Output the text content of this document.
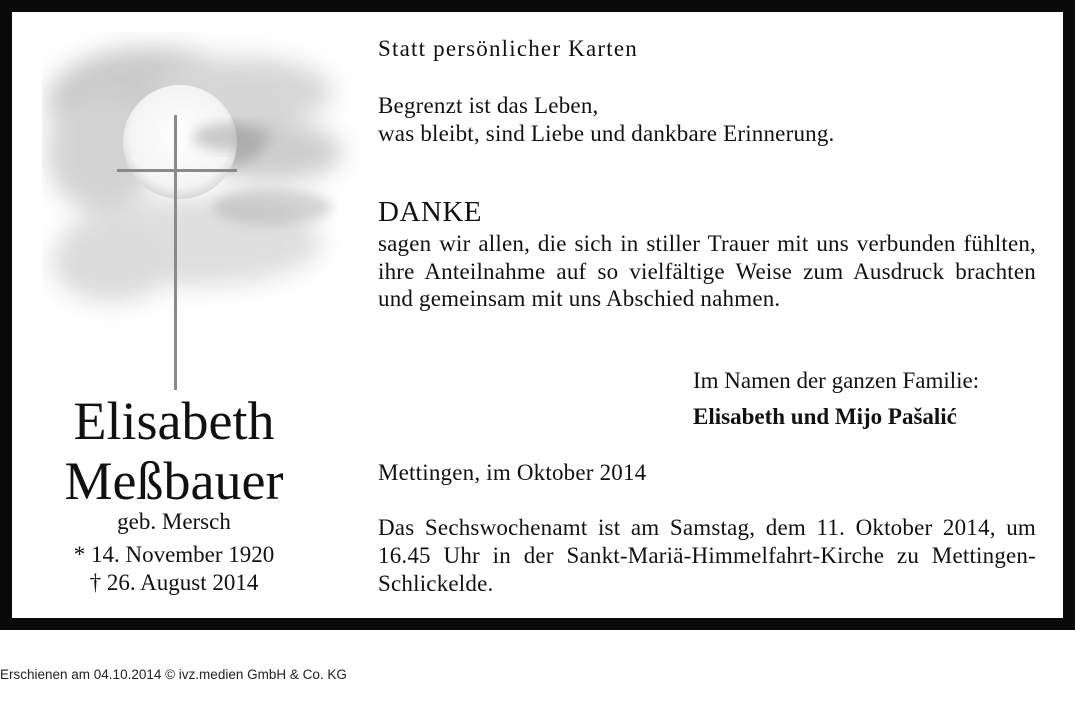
Elisabeth
Meßbauer
geb. Mersch
* 14. November 1920
† 26. August 2014
Statt persönlicher Karten
Begrenzt ist das Leben,
was bleibt, sind Liebe und dankbare Erinnerung.
DANKE
sagen wir allen, die sich in stiller Trauer mit uns verbunden fühlten, ihre Anteilnahme auf so vielfältige Weise zum Ausdruck brachten und gemeinsam mit uns Abschied nahmen.
Im Namen der ganzen Familie:
Elisabeth und Mijo Pašalić
Mettingen, im Oktober 2014
Das Sechswochenamt ist am Samstag, dem 11. Oktober 2014, um 16.45 Uhr in der Sankt-Mariä-Himmelfahrt-Kirche zu Mettingen-Schlickelde.
Erschienen am 04.10.2014 © ivz.medien GmbH & Co. KG
